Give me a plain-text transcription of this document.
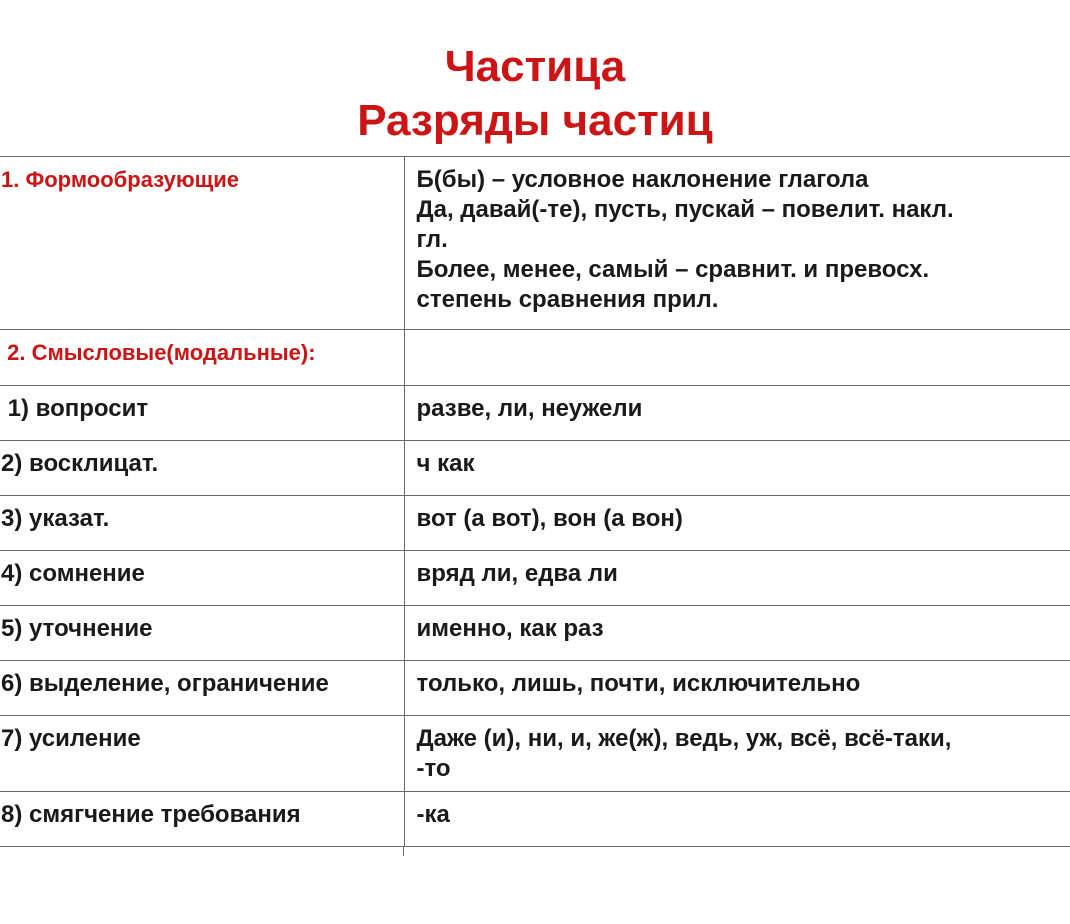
Частица
Разряды частиц
1. Формообразующие	Б(бы) – условное наклонение глагола
Да, давай(-те), пусть, пускай – повелит. накл.
гл.
Более, менее, самый – сравнит. и превосх.
степень сравнения прил.

2. Смысловые(модальные):	
1) вопросит	разве, ли, неужели

2) восклицат.	ч как

3) указат.	вот (а вот), вон (а вон)

4) сомнение	вряд ли, едва ли

5) уточнение	именно, как раз

6) выделение, ограничение	только, лишь, почти, исключительно

7) усиление	Даже (и), ни, и, же(ж), ведь, уж, всё, всё-таки,
-то

8) смягчение требования	-ка
